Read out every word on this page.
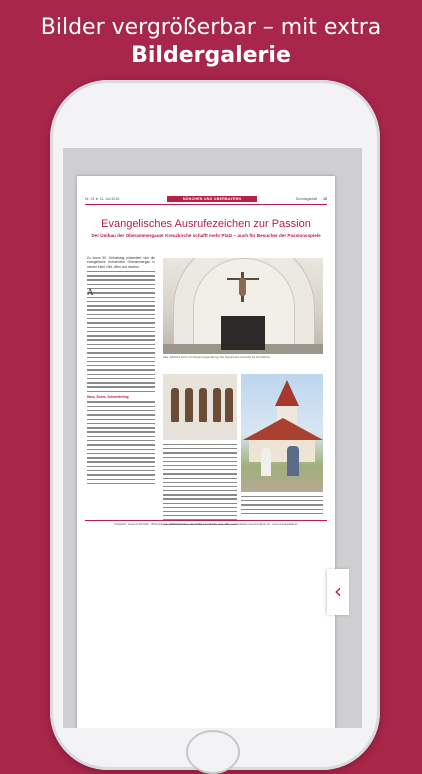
Bilder vergrößerbar – mit extra
Bildergalerie
Nr. 24 ★ 14. Juli 2018	MÜNCHEN UND OBERBAYERN	Sonntagsblatt 15
Evangelisches Ausrufezeichen zur Passion
Der Umbau der Oberammergauer Kreuzkirche schafft mehr Platz – auch für Besucher der Passionsspiele

Zu ihrem 90. Geburtstag präsentiert sich die evangelische Kreuzkirche Oberammergau in neuem Kleid. Hell, offen und modern.

A
Hass, Sturm, Schmetterling
Altar, Schlichte Kunst mit Oberammergau-Bezug: Die Figurenreihe schmückt die Kreuzkirche.
Redaktion: Susanne Schröder · Birkenleite 22 · 80939 München · Tel. (0 89) 1 21 72-160 · Fax -159 · sonntagsblatt-muenchen@epv.de · www.sonntagsblatt.de
‹
